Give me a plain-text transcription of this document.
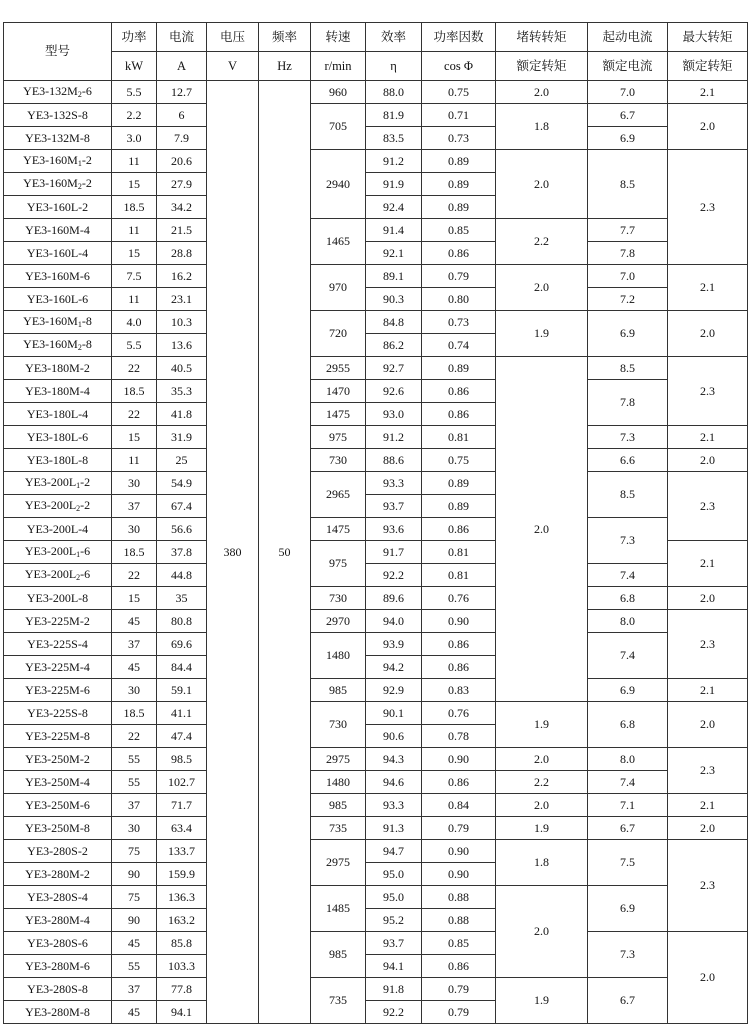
型号	功率	电流	电压	频率	转速	效率	功率因数	堵转转矩	起动电流	最大转矩
	kW	A	V	Hz	r/min	η	cos Φ	额定转矩	额定电流	额定转矩
$YE3-132M_2-6$	5.5	12.7	380	50	960	88.0	0.75	2.0	7.0	2.1
YE3-132S-8	2.2	6			705	81.9	0.71	1.8	6.7	2.0
YE3-132M-8	3.0	7.9				83.5	0.73		6.9	
$YE3-160M_1-2$	11	20.6			2940	91.2	0.89	2.0	8.5	2.3
$YE3-160M_2-2$	15	27.9				91.9	0.89			
YE3-160L-2	18.5	34.2				92.4	0.89			
YE3-160M-4	11	21.5			1465	91.4	0.85	2.2	7.7	
YE3-160L-4	15	28.8				92.1	0.86		7.8	
YE3-160M-6	7.5	16.2			970	89.1	0.79	2.0	7.0	2.1
YE3-160L-6	11	23.1				90.3	0.80		7.2	
$YE3-160M_1-8$	4.0	10.3			720	84.8	0.73	1.9	6.9	2.0
$YE3-160M_2-8$	5.5	13.6				86.2	0.74			
YE3-180M-2	22	40.5			2955	92.7	0.89	2.0	8.5	2.3
YE3-180M-4	18.5	35.3			1470	92.6	0.86		7.8	
YE3-180L-4	22	41.8			1475	93.0	0.86			
YE3-180L-6	15	31.9			975	91.2	0.81		7.3	2.1
YE3-180L-8	11	25			730	88.6	0.75		6.6	2.0
$YE3-200L_1-2$	30	54.9			2965	93.3	0.89		8.5	2.3
$YE3-200L_2-2$	37	67.4				93.7	0.89			
YE3-200L-4	30	56.6			1475	93.6	0.86		7.3	
$YE3-200L_1-6$	18.5	37.8			975	91.7	0.81			2.1
$YE3-200L_2-6$	22	44.8				92.2	0.81		7.4	
YE3-200L-8	15	35			730	89.6	0.76		6.8	2.0
YE3-225M-2	45	80.8			2970	94.0	0.90		8.0	2.3
YE3-225S-4	37	69.6			1480	93.9	0.86		7.4	
YE3-225M-4	45	84.4				94.2	0.86			
YE3-225M-6	30	59.1			985	92.9	0.83		6.9	2.1
YE3-225S-8	18.5	41.1			730	90.1	0.76	1.9	6.8	2.0
YE3-225M-8	22	47.4				90.6	0.78			
YE3-250M-2	55	98.5			2975	94.3	0.90	2.0	8.0	2.3
YE3-250M-4	55	102.7			1480	94.6	0.86	2.2	7.4	
YE3-250M-6	37	71.7			985	93.3	0.84	2.0	7.1	2.1
YE3-250M-8	30	63.4			735	91.3	0.79	1.9	6.7	2.0
YE3-280S-2	75	133.7			2975	94.7	0.90	1.8	7.5	2.3
YE3-280M-2	90	159.9				95.0	0.90			
YE3-280S-4	75	136.3			1485	95.0	0.88	2.0	6.9	
YE3-280M-4	90	163.2				95.2	0.88			
YE3-280S-6	45	85.8			985	93.7	0.85		7.3	2.0
YE3-280M-6	55	103.3				94.1	0.86			
YE3-280S-8	37	77.8			735	91.8	0.79	1.9	6.7	
YE3-280M-8	45	94.1				92.2	0.79			
